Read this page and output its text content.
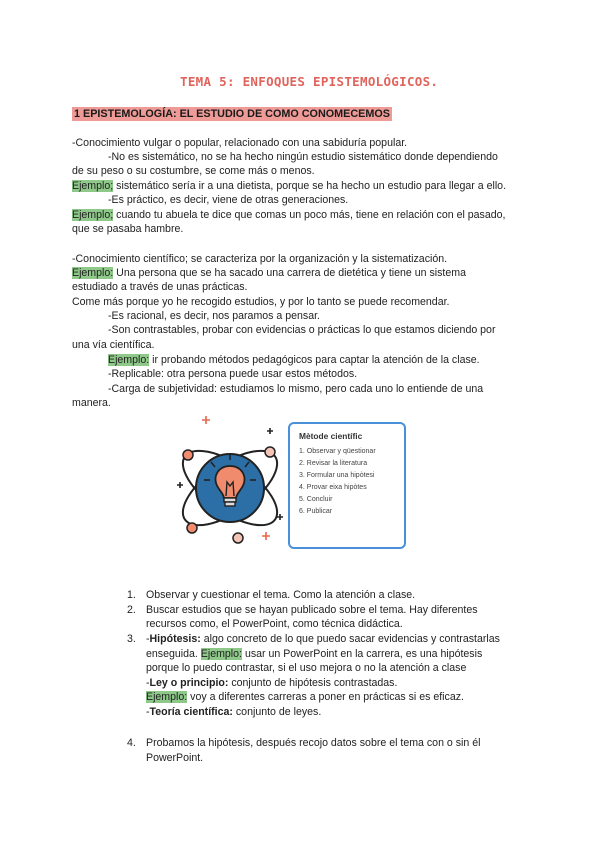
TEMA 5: ENFOQUES EPISTEMOLÓGICOS.
1 EPISTEMOLOGÍA: EL ESTUDIO DE COMO CONOMECEMOS
-Conocimiento vulgar o popular, relacionado con una sabiduría popular.
-No es sistemático, no se ha hecho ningún estudio sistemático donde dependiendo
de su peso o su costumbre, se come más o menos.
Ejemplo; sistemático sería ir a una dietista, porque se ha hecho un estudio para llegar a ello.
-Es práctico, es decir, viene de otras generaciones.
Ejemplo; cuando tu abuela te dice que comas un poco más, tiene en relación con el pasado,
que se pasaba hambre.
-Conocimiento científico; se caracteriza por la organización y la sistematización.
Ejemplo: Una persona que se ha sacado una carrera de dietética y tiene un sistema
estudiado a través de unas prácticas.
Come más porque yo he recogido estudios, y por lo tanto se puede recomendar.
-Es racional, es decir, nos paramos a pensar.
-Son contrastables, probar con evidencias o prácticas lo que estamos diciendo por
una vía científica.
Ejemplo: ir probando métodos pedagógicos para captar la atención de la clase.
-Replicable: otra persona puede usar estos métodos.
-Carga de subjetividad: estudiamos lo mismo, pero cada uno lo entiende de una
manera.
Mètode científic
1. Observar y qüestionar
2. Revisar la literatura
3. Formular una hipòtesi
4. Provar eixa hipòtes
5. Concluir
6. Publicar
1. Observar y cuestionar el tema. Como la atención a clase.
2. Buscar estudios que se hayan publicado sobre el tema. Hay diferentes
recursos como, el PowerPoint, como técnica didáctica.
3. -Hipótesis: algo concreto de lo que puedo sacar evidencias y contrastarlas
enseguida. Ejemplo: usar un PowerPoint en la carrera, es una hipótesis
porque lo puedo contrastar, si el uso mejora o no la atención a clase
-Ley o principio: conjunto de hipótesis contrastadas.
Ejemplo: voy a diferentes carreras a poner en prácticas si es eficaz.
-Teoría científica: conjunto de leyes.
4. Probamos la hipótesis, después recojo datos sobre el tema con o sin él
PowerPoint.
